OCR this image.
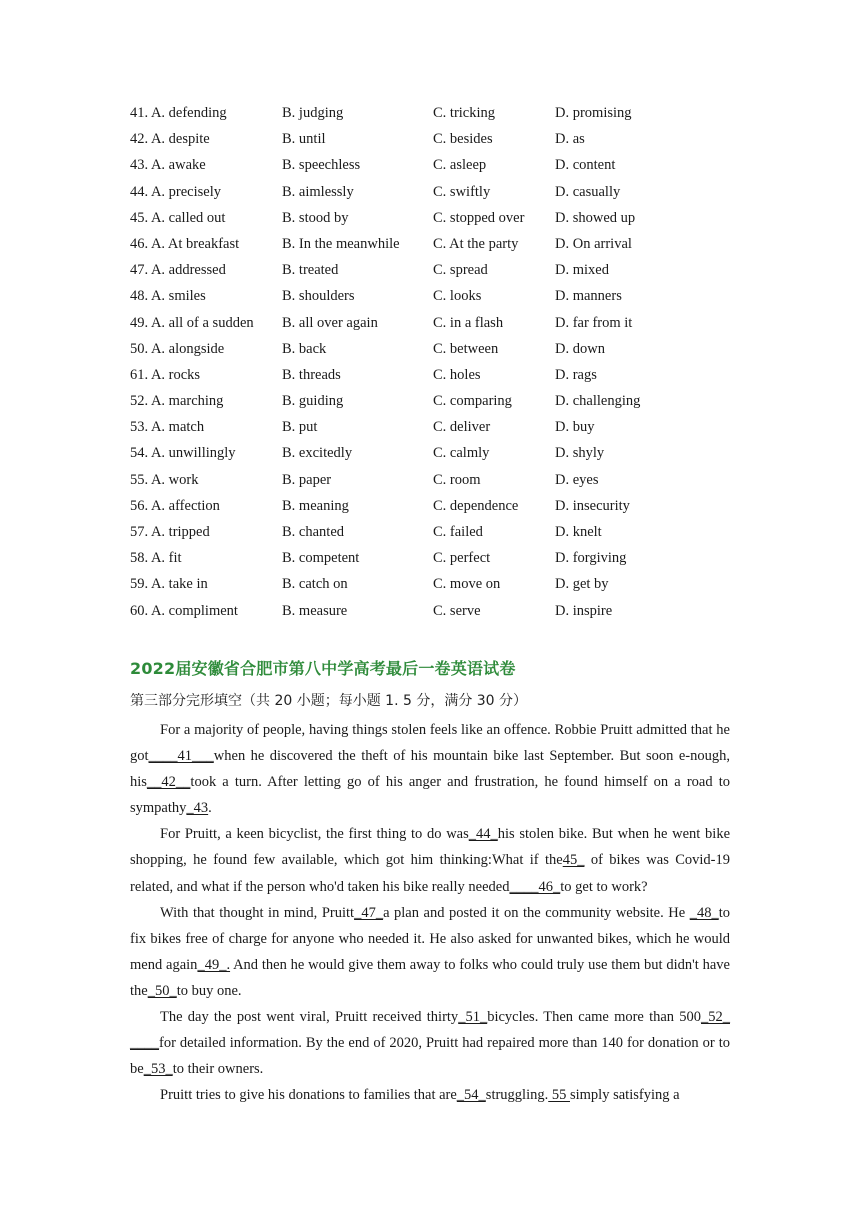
41. A. defending	B. judging	C. tricking	D. promising
42. A. despite	B. until	C. besides	D. as
43. A. awake	B. speechless	C. asleep	D. content
44. A. precisely	B. aimlessly	C. swiftly	D. casually
45. A. called out	B. stood by	C. stopped over D. showed up
46. A. At breakfast	B. In the meanwhile C. At the party	D. On arrival
47. A. addressed	B. treated	C. spread	D. mixed
48. A. smiles	B. shoulders	C. looks	D. manners
49. A. all of a sudden B. all over again	C. in a flash	D. far from it
50. A. alongside	B. back	C. between	D. down
61. A. rocks	B. threads	C. holes	D. rags
52. A. marching	B. guiding	C. comparing	D. challenging
53. A. match	B. put	C. deliver	D. buy
54. A. unwillingly	B. excitedly	C. calmly	D. shyly
55. A. work	B. paper	C. room	D. eyes
56. A. affection	B. meaning	C. dependence	D. insecurity
57. A. tripped	B. chanted	C. failed	D. knelt
58. A. fit	B. competent	C. perfect	D. forgiving
59. A. take in	B. catch on	C. move on	D. get by
60. A. compliment	B. measure	C. serve	D. inspire
2022届安徽省合肥市第八中学高考最后一卷英语试卷
第三部分完形填空（共 20 小题；每小题 1. 5 分，满分 30 分）

For a majority of people, having things stolen feels like an offence. Robbie Pruitt admitted that he got____41___when he discovered the theft of his mountain bike last September. But soon e-nough, his__42__took a turn. After letting go of his anger and frustration, he found himself on a road to sympathy_43.

For Pruitt, a keen bicyclist, the first thing to do was_44_his stolen bike. But when he went bike shopping, he found few available, which got him thinking:What if the45_ of bikes was Covid-19 related, and what if the person who'd taken his bike really needed____46_to get to work?

With that thought in mind, Pruitt_47_a plan and posted it on the community website. He _48_to fix bikes free of charge for anyone who needed it. He also asked for unwanted bikes, which he would mend again_49_. And then he would give them away to folks who could truly use them but didn't have the_50_to buy one.

The day the post went viral, Pruitt received thirty_51_bicycles. Then came more than 500_52_ ____for detailed information. By the end of 2020, Pruitt had repaired more than 140 for donation or to be_53_to their owners.

Pruitt tries to give his donations to families that are_54_struggling. 55 simply satisfying a
